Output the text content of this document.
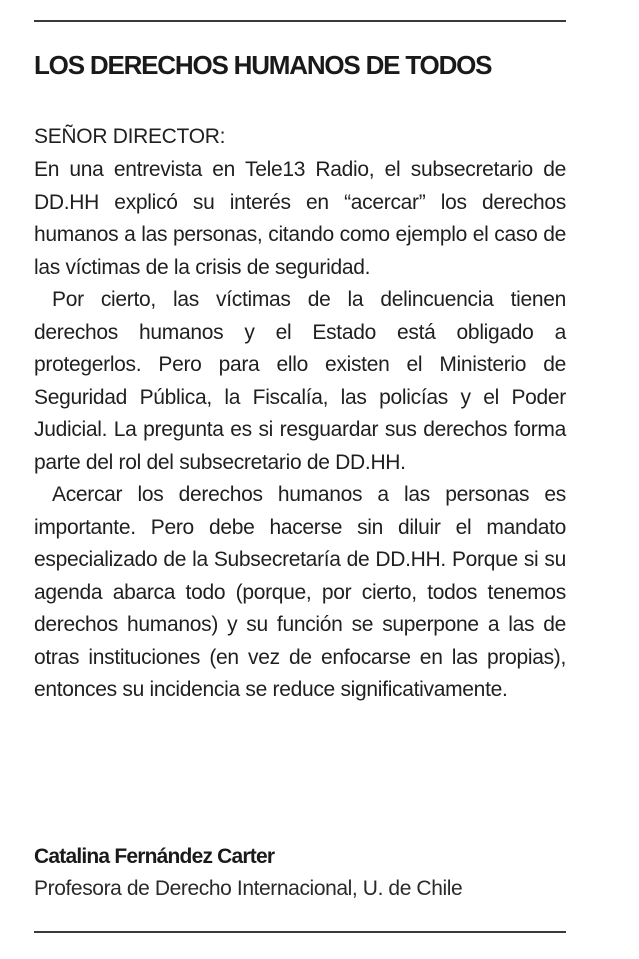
LOS DERECHOS HUMANOS DE TODOS
SEÑOR DIRECTOR:

En una entrevista en Tele13 Radio, el subsecretario de DD.HH explicó su interés en “acercar” los derechos humanos a las personas, citando como ejemplo el caso de las víctimas de la crisis de seguridad.

Por cierto, las víctimas de la delincuencia tienen derechos humanos y el Estado está obligado a protegerlos. Pero para ello existen el Ministerio de Seguridad Pública, la Fiscalía, las policías y el Poder Judicial. La pregunta es si resguardar sus derechos forma parte del rol del subsecretario de DD.HH.

Acercar los derechos humanos a las personas es importante. Pero debe hacerse sin diluir el mandato especializado de la Subsecretaría de DD.HH. Porque si su agenda abarca todo (porque, por cierto, todos tenemos derechos humanos) y su función se superpone a las de otras instituciones (en vez de enfocarse en las propias), entonces su incidencia se reduce significativamente.

Catalina Fernández Carter
Profesora de Derecho Internacional, U. de Chile
